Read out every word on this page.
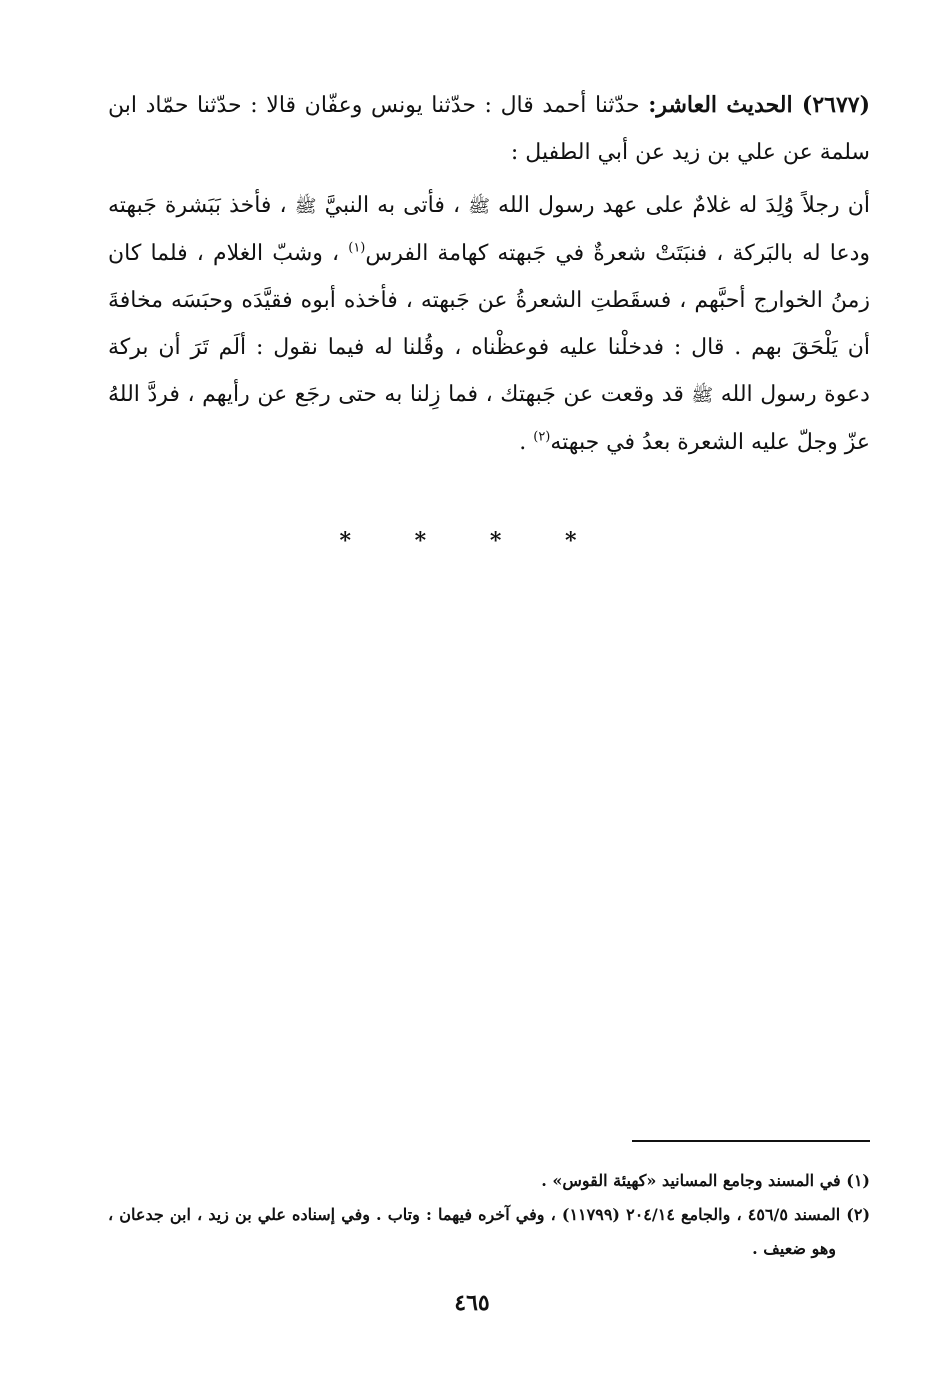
(٢٦٧٧) الحديث العاشر: حدّثنا أحمد قال : حدّثنا يونس وعفّان قالا : حدّثنا حمّاد ابن سلمة عن علي بن زيد عن أبي الطفيل :

أن رجلاً وُلِدَ له غلامٌ على عهد رسول الله ﷺ ، فأتى به النبيَّ ﷺ ، فأخذ بَبَشرة جَبهته ودعا له بالبَركة ، فنبَتَتْ شعرةٌ في جَبهته كهامة الفرس$^{(١)}$ ، وشبّ الغلام ، فلما كان زمنُ الخوارج أحبَّهم ، فسقَطتِ الشعرةُ عن جَبهته ، فأخذه أبوه فقيَّدَه وحبَسَه مخافةَ أن يَلْحَقَ بهم . قال : فدخلْنا عليه فوعظْناه ، وقُلنا له فيما نقول : ألَم تَرَ أن بركة دعوة رسول الله ﷺ قد وقعت عن جَبهتك ، فما زِلنا به حتى رجَع عن رأيهم ، فردَّ اللهُ عزّ وجلّ عليه الشعرة بعدُ في جبهته$^{(٢)}$ .

* * * *

(١) في المسند وجامع المسانيد «كهيئة القوس» .

(٢) المسند ٤٥٦/٥ ، والجامع ٢٠٤/١٤ (١١٧٩٩) ، وفي آخره فيهما : وتاب . وفي إسناده علي بن زيد ، ابن جدعان ، وهو ضعيف .

٤٦٥
